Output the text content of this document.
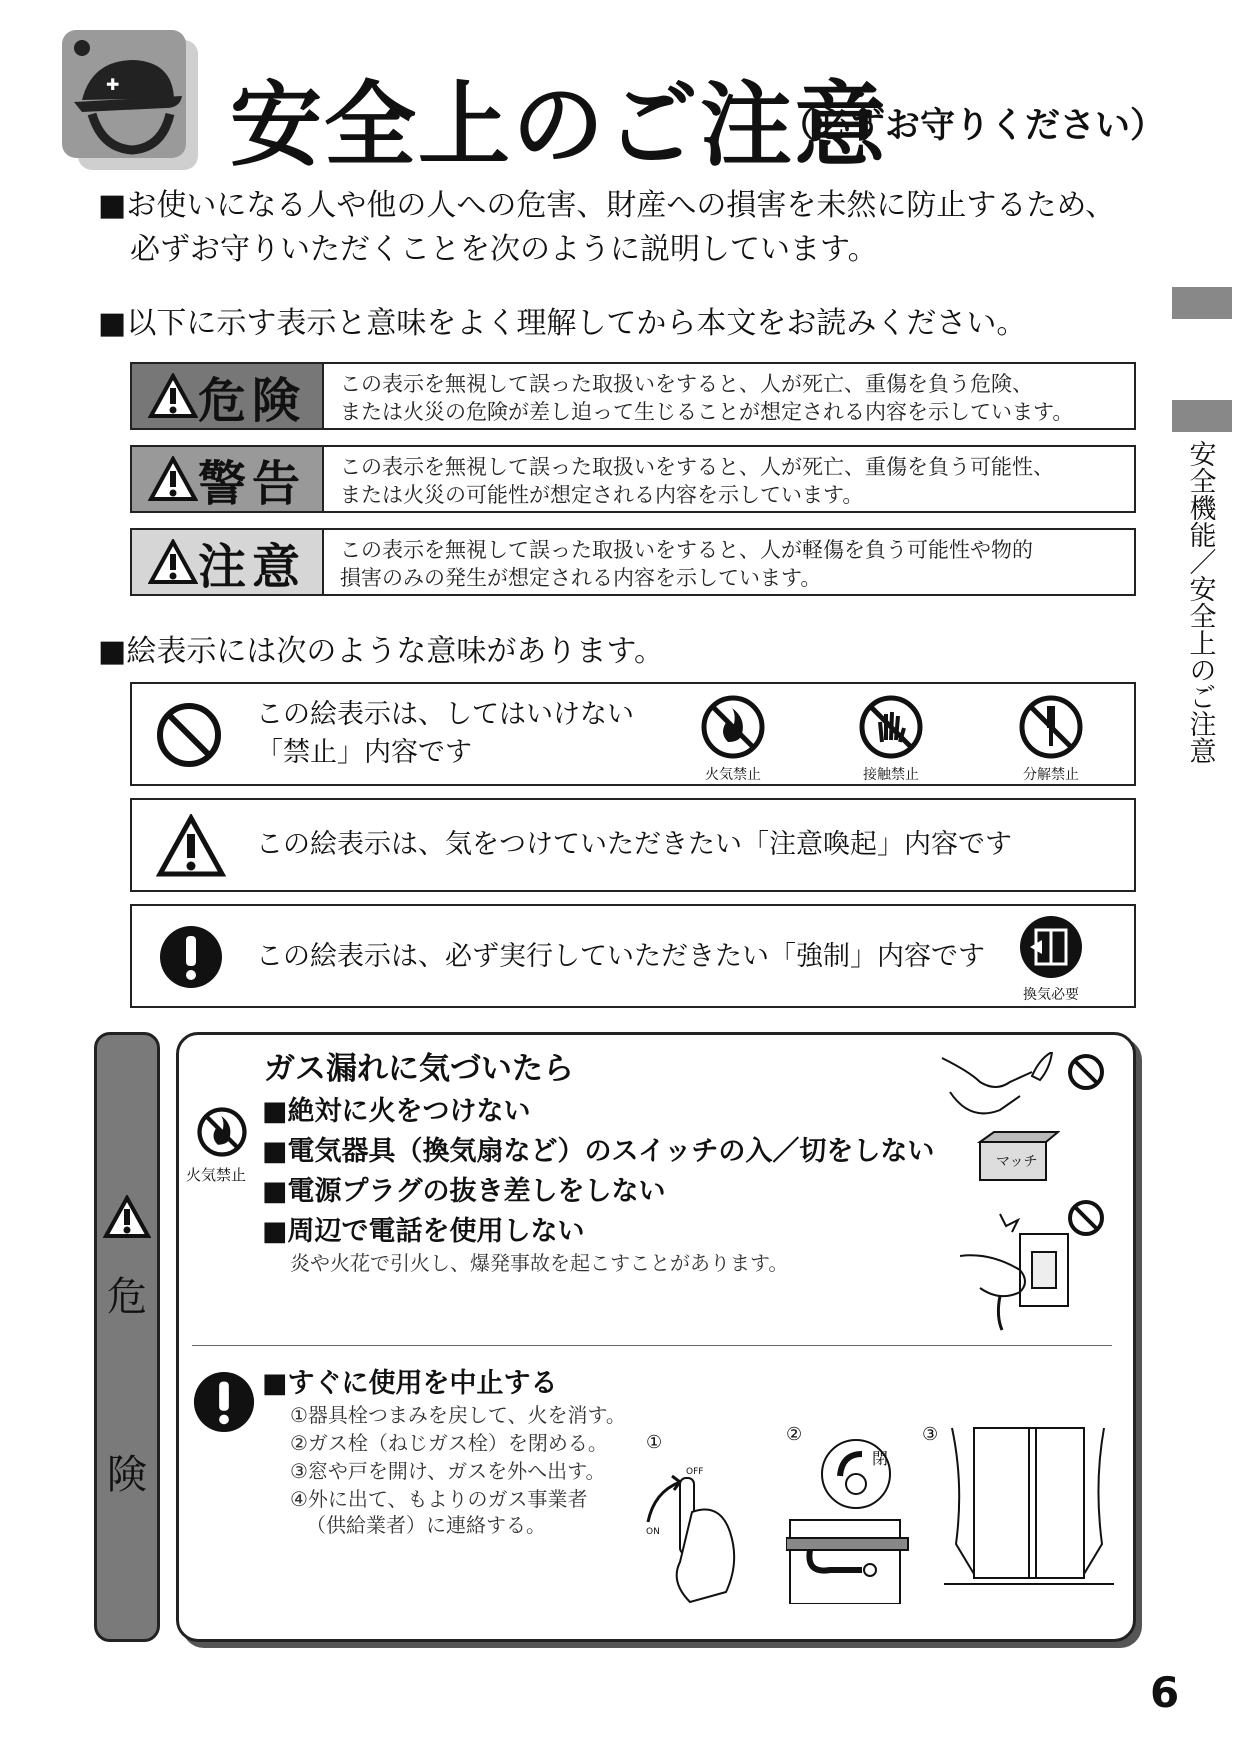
✚ 安全上のご注意
（必ずお守りください）
■お使いになる人や他の人への危害、財産への損害を未然に防止するため、
必ずお守りいただくことを次のように説明しています。
■以下に示す表示と意味をよく理解してから本文をお読みください。
危険 この表示を無視して誤った取扱いをすると、人が死亡、重傷を負う危険、
または火災の危険が差し迫って生じることが想定される内容を示しています。
警告 この表示を無視して誤った取扱いをすると、人が死亡、重傷を負う可能性、
または火災の可能性が想定される内容を示しています。
注意 この表示を無視して誤った取扱いをすると、人が軽傷を負う可能性や物的
損害のみの発生が想定される内容を示しています。
■絵表示には次のような意味があります。
この絵表示は、してはいけない
「禁止」内容です
火気禁止	接触禁止	分解禁止
この絵表示は、気をつけていただきたい「注意喚起」内容です
この絵表示は、必ず実行していただきたい「強制」内容です
換気必要
安全機能／安全上のご注意
危
険
ガス漏れに気づいたら
火気禁止
■絶対に火をつけない
■電気器具（換気扇など）のスイッチの入／切をしない
■電源プラグの抜き差しをしない
■周辺で電話を使用しない
炎や火花で引火し、爆発事故を起こすことがあります。
マッチ
■すぐに使用を中止する
①器具栓つまみを戻して、火を消す。
②ガス栓（ねじガス栓）を閉める。
③窓や戸を開け、ガスを外へ出す。
④外に出て、もよりのガス事業者
（供給業者）に連絡する。
①
OFF
ON
②
閉
③
6
